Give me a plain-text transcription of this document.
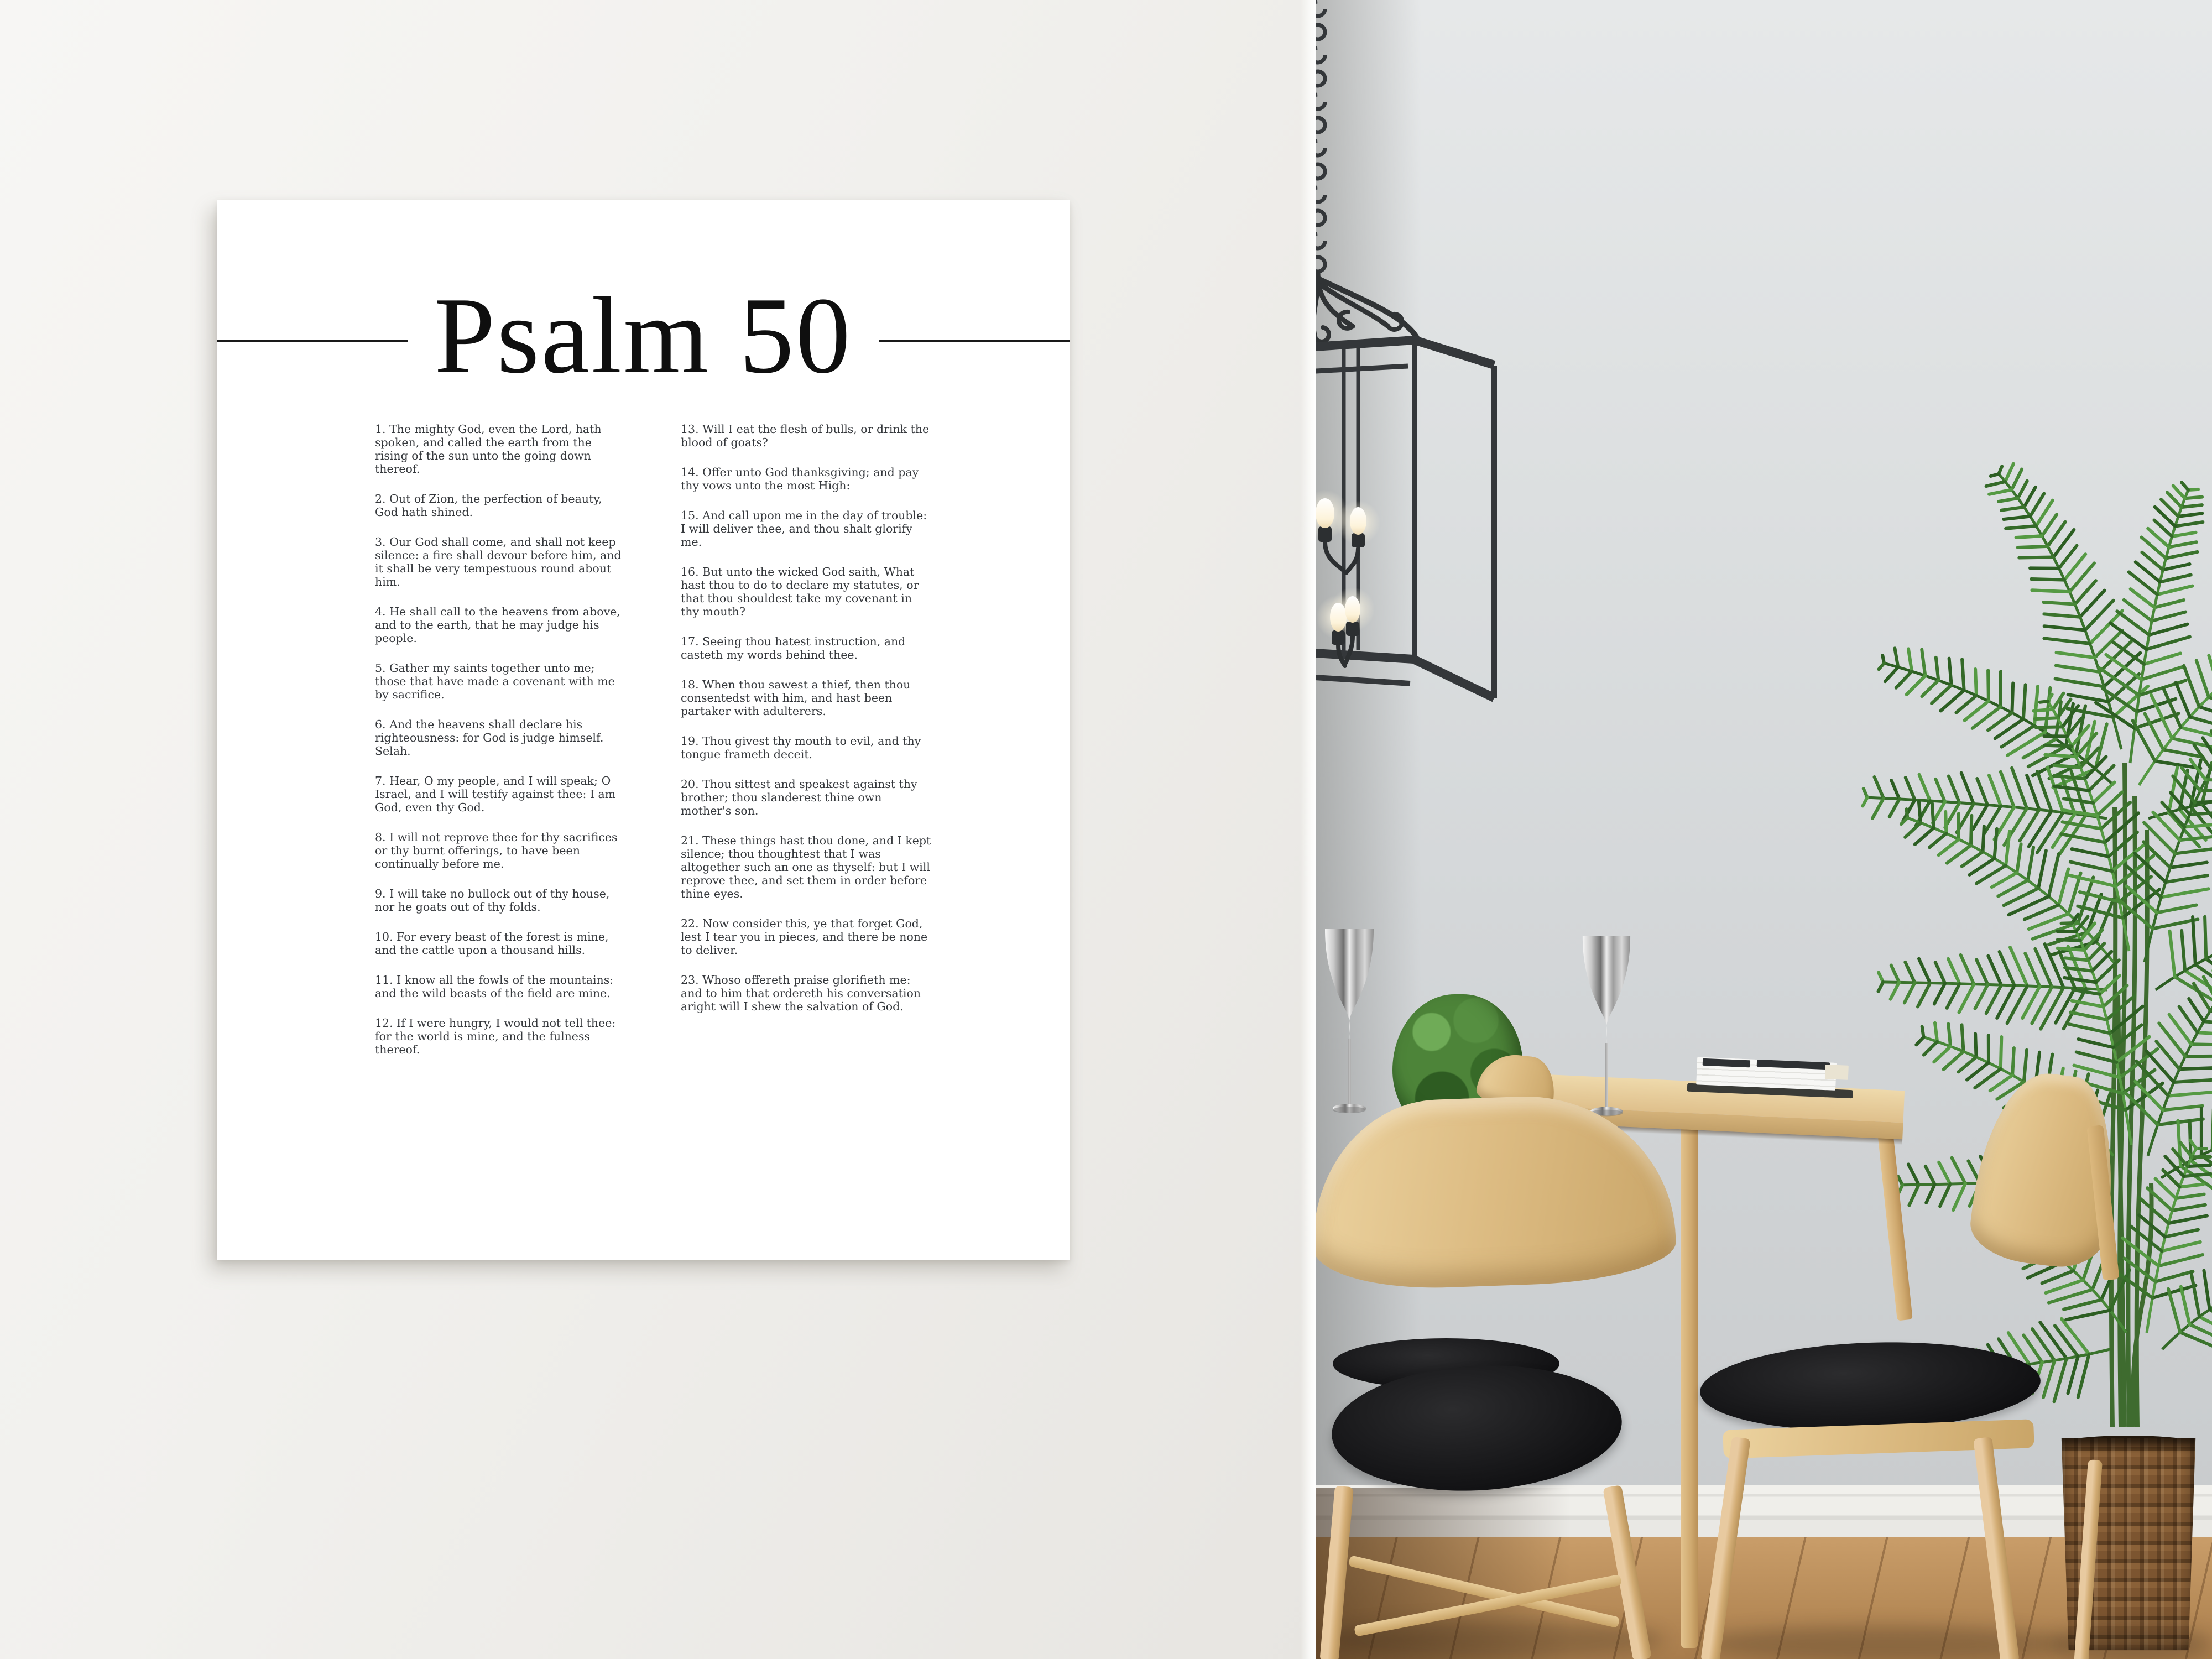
Psalm 50

1. The mighty God, even the Lord, hath spoken, and called the earth from the rising of the sun unto the going down thereof.

2. Out of Zion, the perfection of beauty, God hath shined.

3. Our God shall come, and shall not keep silence: a fire shall devour before him, and it shall be very tempestuous round about him.

4. He shall call to the heavens from above, and to the earth, that he may judge his people.

5. Gather my saints together unto me; those that have made a covenant with me by sacrifice.

6. And the heavens shall declare his righteousness: for God is judge himself. Selah.

7. Hear, O my people, and I will speak; O Israel, and I will testify against thee: I am God, even thy God.

8. I will not reprove thee for thy sacrifices or thy burnt offerings, to have been continually before me.

9. I will take no bullock out of thy house, nor he goats out of thy folds.

10. For every beast of the forest is mine, and the cattle upon a thousand hills.

11. I know all the fowls of the mountains: and the wild beasts of the field are mine.

12. If I were hungry, I would not tell thee: for the world is mine, and the fulness thereof.

13. Will I eat the flesh of bulls, or drink the blood of goats?

14. Offer unto God thanksgiving; and pay thy vows unto the most High:

15. And call upon me in the day of trouble: I will deliver thee, and thou shalt glorify me.

16. But unto the wicked God saith, What hast thou to do to declare my statutes, or that thou shouldest take my covenant in thy mouth?

17. Seeing thou hatest instruction, and casteth my words behind thee.

18. When thou sawest a thief, then thou consentedst with him, and hast been partaker with adulterers.

19. Thou givest thy mouth to evil, and thy tongue frameth deceit.

20. Thou sittest and speakest against thy brother; thou slanderest thine own mother's son.

21. These things hast thou done, and I kept silence; thou thoughtest that I was altogether such an one as thyself: but I will reprove thee, and set them in order before thine eyes.

22. Now consider this, ye that forget God, lest I tear you in pieces, and there be none to deliver.

23. Whoso offereth praise glorifieth me: and to him that ordereth his conversation aright will I shew the salvation of God.
